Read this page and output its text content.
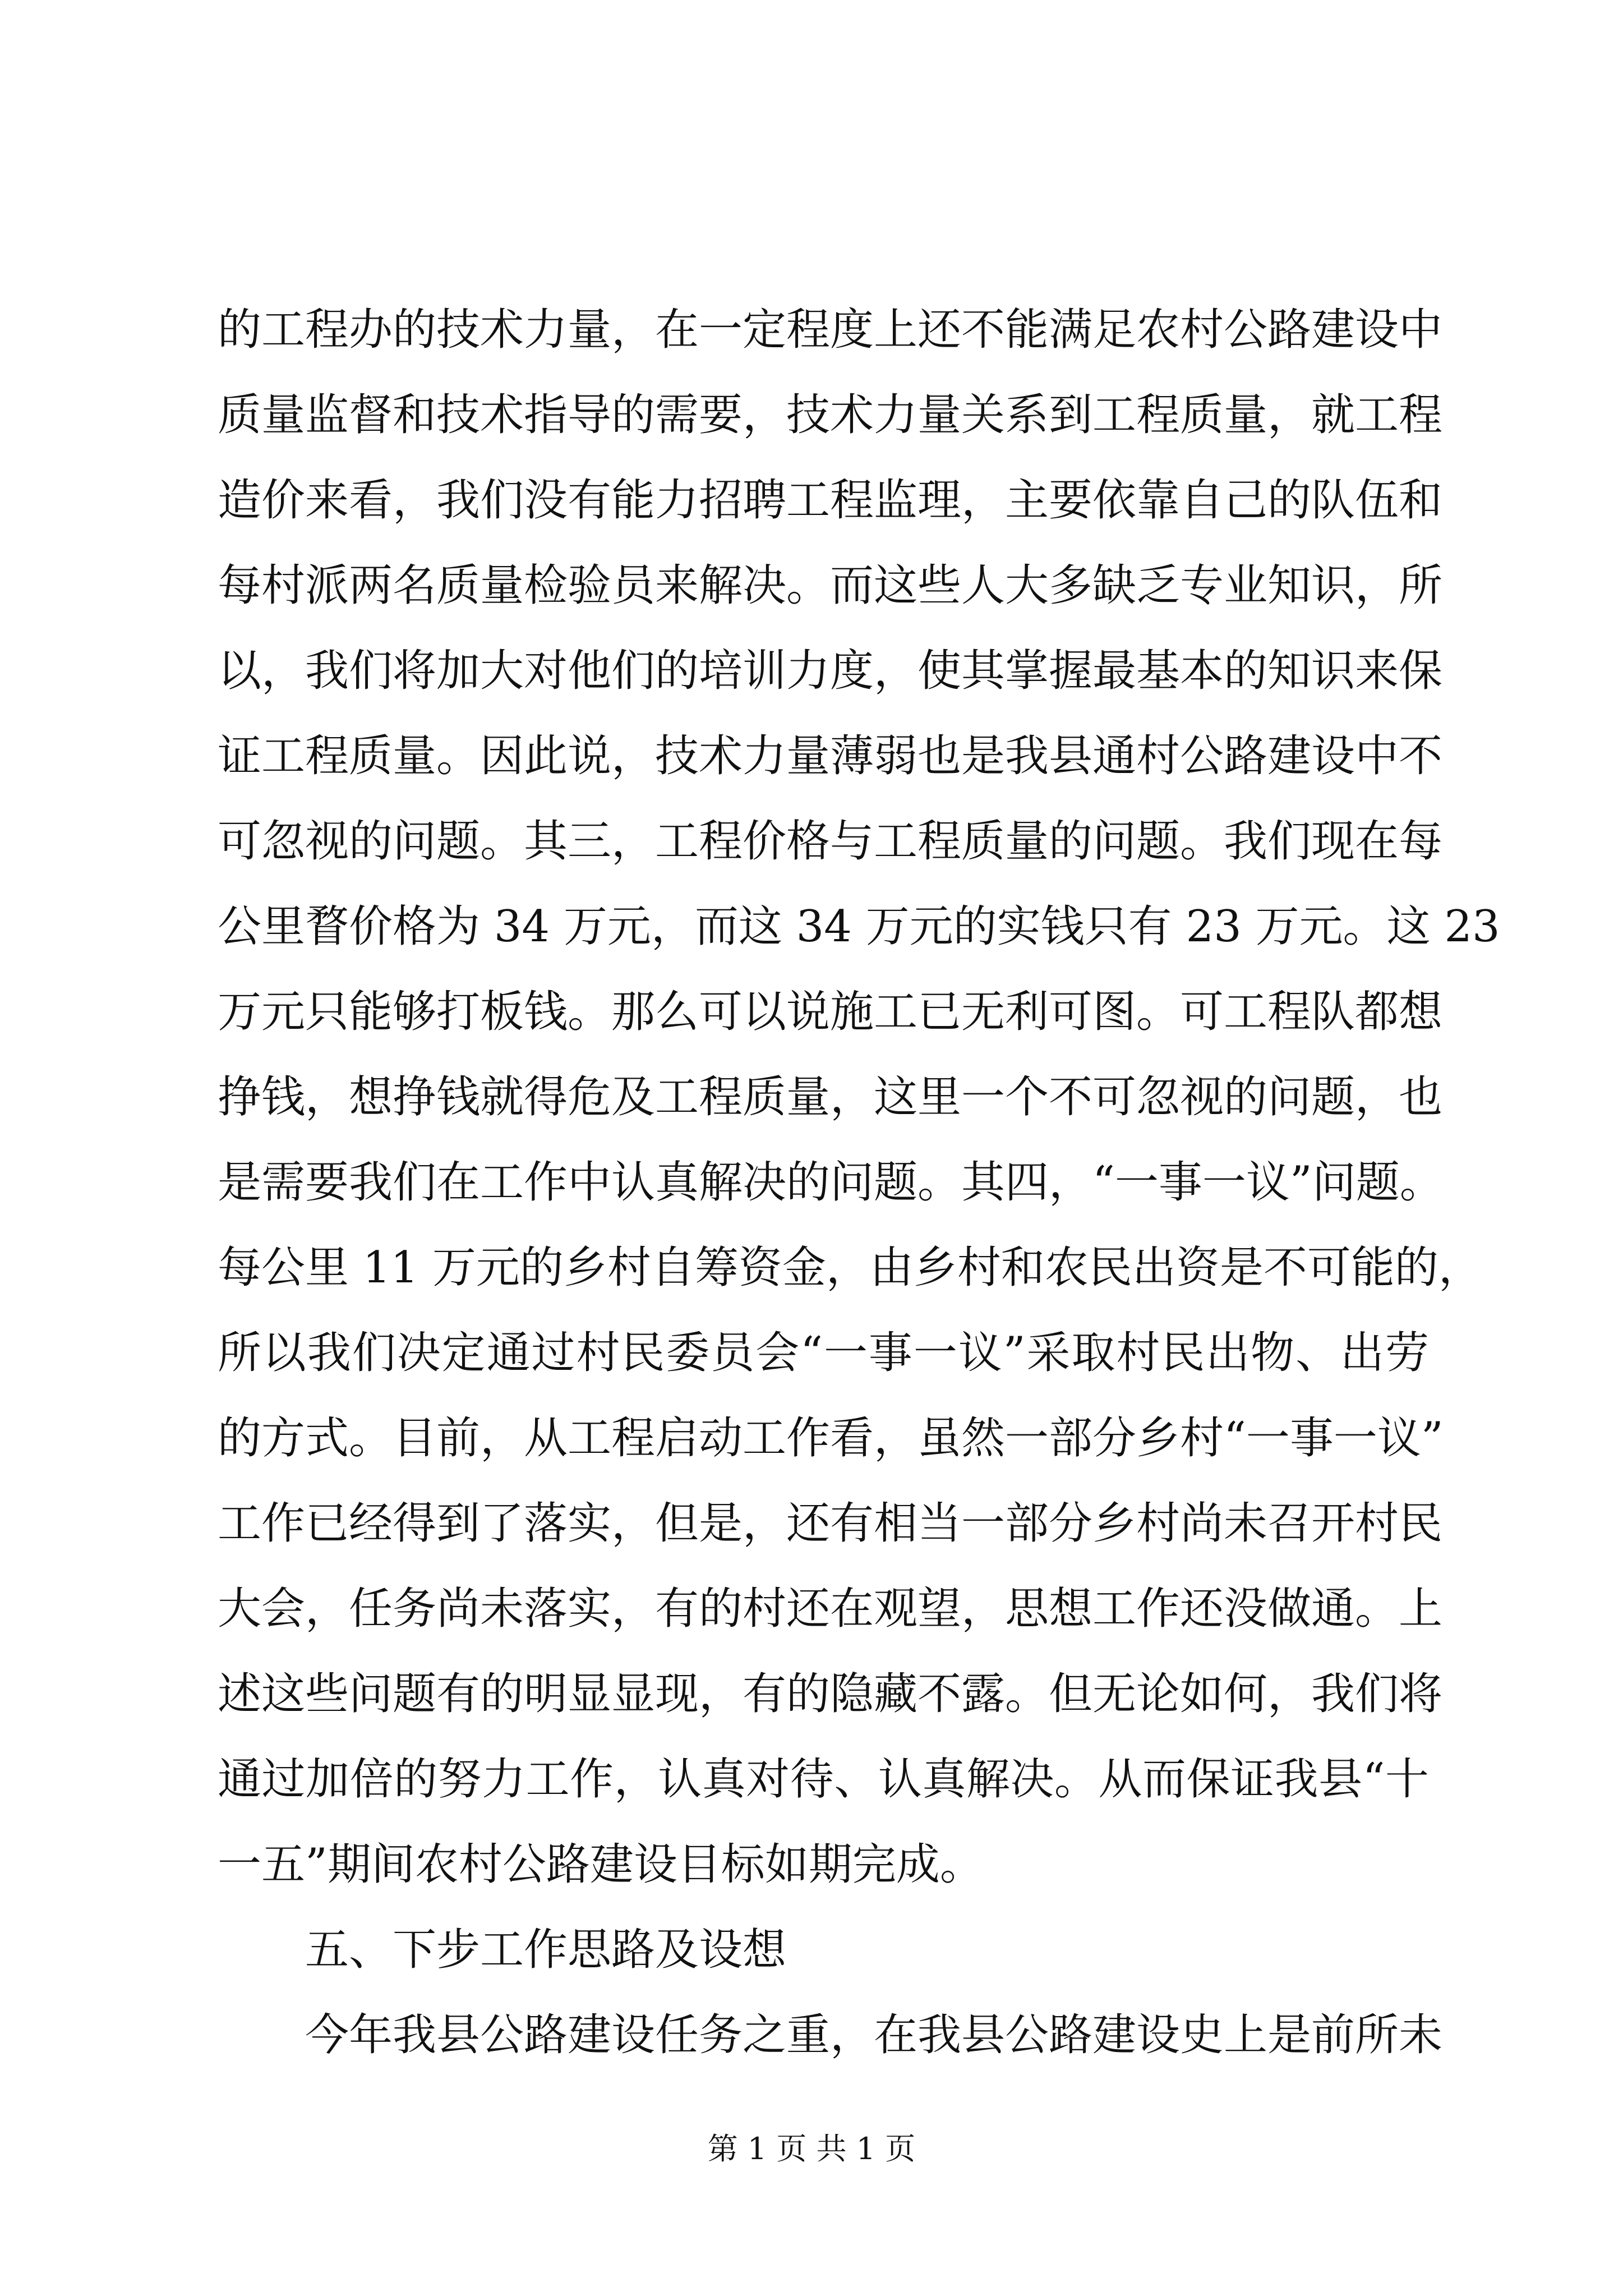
的工程办的技术力量，在一定程度上还不能满足农村公路建设中
质量监督和技术指导的需要，技术力量关系到工程质量，就工程
造价来看，我们没有能力招聘工程监理，主要依靠自己的队伍和
每村派两名质量检验员来解决。而这些人大多缺乏专业知识，所
以，我们将加大对他们的培训力度，使其掌握最基本的知识来保
证工程质量。因此说，技术力量薄弱也是我县通村公路建设中不
可忽视的问题。其三，工程价格与工程质量的问题。我们现在每
公里瞀价格为 34 万元，而这 34 万元的实钱只有 23 万元。这 23
万元只能够打板钱。那么可以说施工已无利可图。可工程队都想
挣钱，想挣钱就得危及工程质量，这里一个不可忽视的问题，也
是需要我们在工作中认真解决的问题。其四，“一事一议”问题。
每公里 11 万元的乡村自筹资金，由乡村和农民出资是不可能的，
所以我们决定通过村民委员会“一事一议”采取村民出物、出劳
的方式。目前，从工程启动工作看，虽然一部分乡村“一事一议”
工作已经得到了落实，但是，还有相当一部分乡村尚未召开村民
大会，任务尚未落实，有的村还在观望，思想工作还没做通。上
述这些问题有的明显显现，有的隐藏不露。但无论如何，我们将
通过加倍的努力工作，认真对待、认真解决。从而保证我县“十
一五”期间农村公路建设目标如期完成。
五、下步工作思路及设想
今年我县公路建设任务之重，在我县公路建设史上是前所未
第 1 页 共 1 页
